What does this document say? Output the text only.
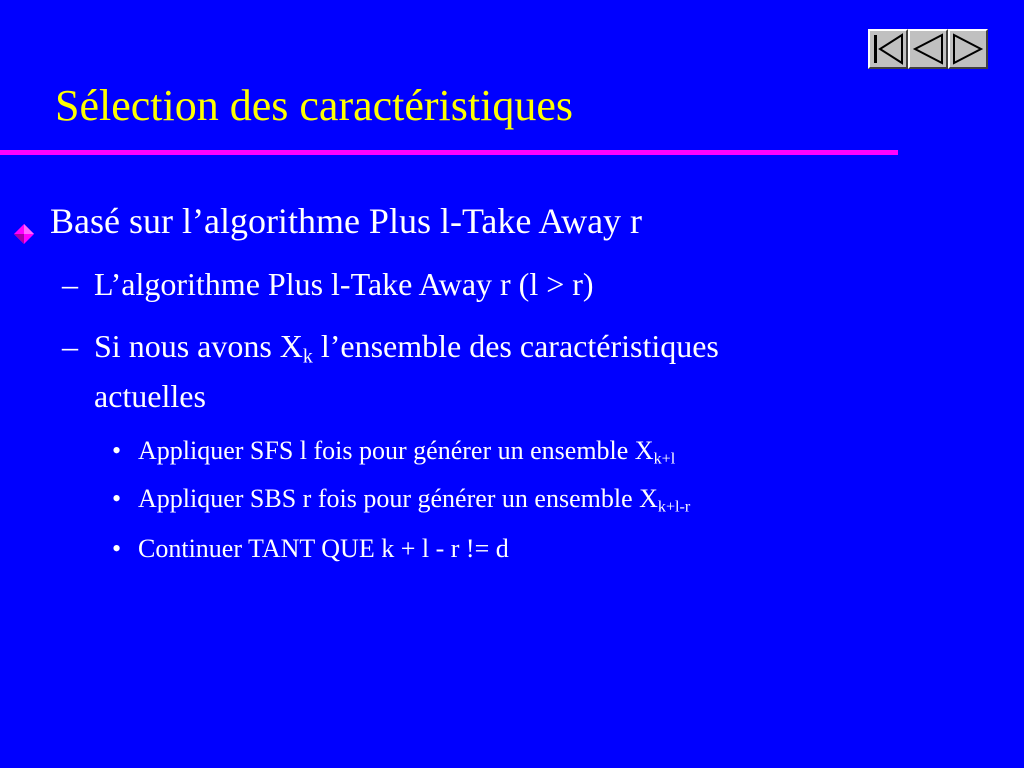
Sélection des caractéristiques
Basé sur l’algorithme Plus l-Take Away r
– L’algorithme Plus l-Take Away r (l > r)
– Si nous avons $X_k$ l’ensemble des caractéristiques
actuelles
• Appliquer SFS l fois pour générer un ensemble $X_{k+l}$
• Appliquer SBS r fois pour générer un ensemble $X_{k+l-r}$
• Continuer TANT QUE k + l - r != d
